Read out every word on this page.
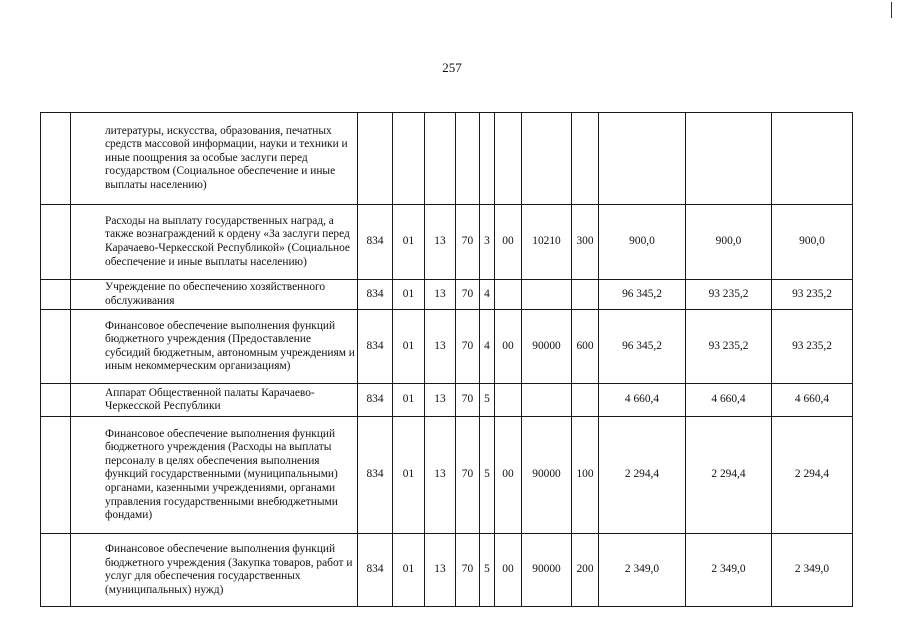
257
	литературы, искусства, образования, печатных средств массовой информации, науки и техники и иные поощрения за особые заслуги перед государством (Социальное обеспечение и иные выплаты населению)											
	Расходы на выплату государственных наград, а также вознаграждений к ордену «За заслуги перед Карачаево-Черкесской Республикой» (Социальное обеспечение и иные выплаты населению)	834	01	13	70	3	00	10210	300	900,0	900,0	900,0
	Учреждение по обеспечению хозяйственного обслуживания	834	01	13	70	4				96 345,2	93 235,2	93 235,2
	Финансовое обеспечение выполнения функций бюджетного учреждения (Предоставление субсидий бюджетным, автономным учреждениям и иным некоммерческим организациям)	834	01	13	70	4	00	90000	600	96 345,2	93 235,2	93 235,2
	Аппарат Общественной палаты Карачаево-Черкесской Республики	834	01	13	70	5				4 660,4	4 660,4	4 660,4
	Финансовое обеспечение выполнения функций бюджетного учреждения (Расходы на выплаты персоналу в целях обеспечения выполнения функций государственными (муниципальными) органами, казенными учреждениями, органами управления государственными внебюджетными фондами)	834	01	13	70	5	00	90000	100	2 294,4	2 294,4	2 294,4
	Финансовое обеспечение выполнения функций бюджетного учреждения (Закупка товаров, работ и услуг для обеспечения государственных (муниципальных) нужд)	834	01	13	70	5	00	90000	200	2 349,0	2 349,0	2 349,0
